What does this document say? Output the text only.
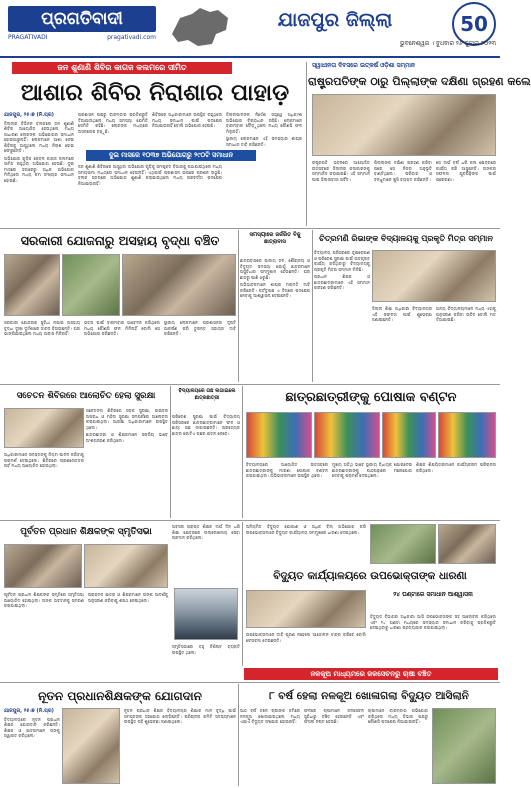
ପ୍ରଗତିବାଦୀ
PRAGATIVADI	pragativadi.com
ଯାଜପୁର ଜିଲ୍ଲା	50
ଭୁବନେଶ୍ୱର । ବୁଧବାର ୨୬ ଜୁଲାଇ ୨୦୨୩
ଜନ ଶୁଣାଣି ଶିବିର କାଗଜ କଲମରେ ସୀମିତ
ଆଶାର ଶିବିର ନିରାଶାର ପାହାଡ଼
ଦୁଇ ମାସରେ ୧୦୩୭ ଅଭିଯୋଗରୁ ୨୯୦ଟି ସମାଧାନ

ଯାଜପୁର, ୨୫।୭ (ନି.ପ୍ର)

ଜିଲ୍ଲାର ବିଭିନ୍ନ ବ୍ଲକରେ ଜନ ଶୁଣାଣି ଶିବିର ଆୟୋଜିତ ହେଉଥିଲେ ମଧ୍ୟ ସାଧାରଣ ଲୋକଙ୍କ ଅଭିଯୋଗର ସମାଧାନ ହୋଇପାରୁନାହିଁ। ଲୋକମାନେ ଆଶା ନେଇ ଶିବିରକୁ ଆସୁଥିଲେ ମଧ୍ୟ ନିରାଶ ହୋଇ ଫେରୁଛନ୍ତି।

ଅଭିଯୋଗ ଗୁଡ଼ିକ କେବଳ କାଗଜ କଲମରେ ସୀମିତ ରହୁଥିବା ଅଭିଯୋଗ ହେଉଛି। ଦୁଇ ମାସରେ ହଜାରେରୁ ଅଧିକ ଅଭିଯୋଗ ମିଳିଥିଲେ ମଧ୍ୟ କମ ସଂଖ୍ୟକ ସମାଧାନ ହୋଇଛି।

ପ୍ରଶାସନ ପକ୍ଷରୁ ବାରମ୍ବାର ପ୍ରତିଶ୍ରୁତି ଦିଆଯାଉଥିଲେ ମଧ୍ୟ ସମସ୍ୟା ଯେମିତି ସେମିତି ରହିଛି। ଲୋକଙ୍କ ମଧ୍ୟରେ ଅସନ୍ତୋଷ ବଢ଼ୁଛି।

ଶିବିରରେ ଅଧିକାରୀମାନେ ଉପସ୍ଥିତ ରହୁଥିଲେ ମଧ୍ୟ ସମାଧାନ ପାଇଁ ପଦକ୍ଷେପ ନିଆଯାଉନାହିଁ ବୋଲି ଅଭିଯୋଗ ହେଉଛି।

ଜିଲ୍ଲାପାଳଙ୍କ ନିର୍ଦ୍ଦେଶ ସତ୍ତ୍ୱେ ଅଧିକାଂଶ ଅଭିଯୋଗ ବିଚାରାଧୀନ ରହିଛି। ଲୋକମାନେ ବାରମ୍ବାର ଦୌଡ଼ୁଥିଲେ ମଧ୍ୟ କୌଣସି ଫଳ ମିଳୁନାହିଁ।

ସ୍ଥାନୀୟ ଲୋକମାନେ ଏହି ସମସ୍ୟାର ଶୀଘ୍ର ସମାଧାନ ଦାବି କରିଛନ୍ତି।

ଜନ ଶୁଣାଣି ଶିବିରରେ ଆସୁଥିବା ଅଭିଯୋଗ ଗୁଡ଼ିକୁ ସମ୍ପୃକ୍ତ ବିଭାଗକୁ ପଠାଯାଉଥିଲେ ମଧ୍ୟ ସମୟସୀମା ମଧ୍ୟରେ ସମାଧାନ ହେଉନାହିଁ। ଏଥିପାଇଁ ପ୍ରଶାସନ ଉପରେ ପ୍ରଶ୍ନ ଉଠୁଛି। ବ୍ଲକ ସ୍ତରରେ ଅଭିଯୋଗ ଶୁଣାଣି କରାଯାଉଥିଲେ ମଧ୍ୟ ପରବର୍ତ୍ତୀ ପଦକ୍ଷେପ ନିଆଯାଉନାହିଁ।

ସ୍ୱାଧୀନତା ଦିବସରେ ଉତ୍କର୍ଷ ଓଡ଼ିଶା ସମ୍ମାନ
ରାଷ୍ଟ୍ରପତିଙ୍କ ଠାରୁ ପିଲ୍ଲାଙ୍କ ଦକ୍ଷିଣା ଗ୍ରହଣ କଲେ

ରାଷ୍ଟ୍ରପତି ଭବନରେ ଆୟୋଜିତ ଉତ୍ସବରେ ଜିଲ୍ଲାର କଳାକାରଙ୍କୁ ସମ୍ମାନିତ କରାଯାଇଛି। ଏହି ସମ୍ମାନ ପାଇ ଜିଲ୍ଲାବାସୀ ଗର୍ବିତ।

ପିଲ୍ଲାଙ୍କ ଦକ୍ଷିଣା ଗ୍ରହଣ କରିବା ପରେ ସେ ନିଜର ଅନୁଭୂତି ବାଣ୍ଟିଥିଲେ। ପରିବାର ଓ ବନ୍ଧୁମାନେ ଖୁସି ବ୍ୟକ୍ତ କରିଛନ୍ତି।

ସେ ଦୀର୍ଘ ବର୍ଷ ଧରି କଳା କ୍ଷେତ୍ରରେ କାର୍ଯ୍ୟ କରି ଆସୁଛନ୍ତି। ତାଙ୍କର ସଫଳତା ଯୁବପିଢ଼ିଙ୍କ ପାଇଁ ପ୍ରେରଣା।

ସରକାରୀ ଯୋଜନାରୁ ଅସହାୟ ବୃଦ୍ଧା ବଞ୍ଚିତ

ସରକାରୀ ଯୋଜନାର ସୁବିଧା ନପାଇ ଅସହାୟ ବୃଦ୍ଧା ଦୁଃଖ ଦୁର୍ଦ୍ଦଶାରେ ଜୀବନ ବିତାଉଛନ୍ତି। ଘର ଭାଙ୍ଗିଯାଇଥିଲେ ମଧ୍ୟ ଆବାସ ମିଳିନାହିଁ।

ଭତ୍ତା ପାଇଁ ବାରମ୍ବାର ଆବେଦନ କରିଥିଲେ ମଧ୍ୟ କୌଣସି ଫଳ ମିଳିନାହିଁ ବୋଲି ସେ ଅଭିଯୋଗ କରିଛନ୍ତି।

ସ୍ଥାନୀୟ ଲୋକମାନେ ପ୍ରଶାସନର ଦୃଷ୍ଟି ଆକର୍ଷଣ କରି ତୁରନ୍ତ ସହାୟତା ଦାବି କରିଛନ୍ତି।

ସମସ୍ୟାରେ ଜର୍ଜରିତ ବିଜୁ ଛାତ୍ରାବାସ

ଛାତ୍ରାବାସରେ ପାନୀୟ ଜଳ, ଶୌଚାଳୟ ଓ ବିଦ୍ୟୁତ ସମସ୍ୟା ଯୋଗୁଁ ଛାତ୍ରମାନେ ଅସୁବିଧାର ସମ୍ମୁଖୀନ ହେଉଛନ୍ତି। ଘର ଛାତରୁ ପାଣି ଝରୁଛି।

ଅଭିଭାବକମାନେ ଶୀଘ୍ର ମରାମତି ଦାବି କରିଛନ୍ତି। କର୍ତ୍ତୃପକ୍ଷ ଏ ଦିଗରେ ପଦକ୍ଷେପ ନେବାକୁ ଆଶ୍ୱାସନା ଦେଇଛନ୍ତି।

ଚିତ୍ରମଣି ରିଭାଙ୍କ ବିଦ୍ୟାଳୟକୁ ପ୍ରକୃତି ମିତ୍ର ସମ୍ମାନ

ବିଦ୍ୟାଳୟ ପରିସରରେ ବୃକ୍ଷରୋପଣ ଓ ପରିବେଶ ସୁରକ୍ଷା ପାଇଁ ଉତ୍କୃଷ୍ଟ କାର୍ଯ୍ୟ କରିଥିବାରୁ ବିଦ୍ୟାଳୟକୁ ପ୍ରକୃତି ମିତ୍ର ସମ୍ମାନ ମିଳିଛି।

ପ୍ରଧାନ ଶିକ୍ଷକ ଓ ଛାତ୍ରଛାତ୍ରୀମାନେ ଏହି ସମ୍ମାନ ଗ୍ରହଣ କରିଛନ୍ତି।

ଜିଲ୍ଲା ଶିକ୍ଷା ଅଧିକାରୀ ବିଦ୍ୟାଳୟର ଏହି ସଫଳତା ପାଇଁ ଶୁଭେଚ୍ଛା ଜଣାଇଛନ୍ତି।

ଅନ୍ୟ ବିଦ୍ୟାଳୟମାନେ ମଧ୍ୟ ଏହାକୁ ଅନୁସରଣ କରିବା ଉଚିତ ବୋଲି ମତ ଦିଆଯାଇଛି।

ସଚେତନ ଶିବିରରେ ଆଲୋଚିତ ହେଲା ସୁରକ୍ଷା

ସଚେତନତା ଶିବିରରେ ସଡ଼କ ସୁରକ୍ଷା, ସାଇବର ଅପରାଧ ଓ ମହିଳା ସୁରକ୍ଷା ସମ୍ପର୍କରେ ଆଲୋଚନା କରାଯାଇଥିଲା। ଆରକ୍ଷୀ ଅଧିକାରୀମାନେ ଉପସ୍ଥିତ ଥିଲେ।

ଛାତ୍ରଛାତ୍ରୀ ଓ ଶିକ୍ଷକମାନେ ସକ୍ରିୟ ଭାବେ ଅଂଶଗ୍ରହଣ କରିଥିଲେ।

ଅଧିକାରୀମାନେ ସମସ୍ତଙ୍କୁ ନିୟମ ପାଳନ କରିବାକୁ ପରାମର୍ଶ ଦେଇଥିଲେ। ଶିବିରରେ ପ୍ରଶ୍ନୋତ୍ତର ପର୍ବ ମଧ୍ୟ ଆୟୋଜିତ ହୋଇଥିଲା।

ବିଦ୍ୟାଳୟରେ ଗଛ ଲଗାଇଲେ ଛାତ୍ରଛାତ୍ରୀ

ପରିବେଶ ସୁରକ୍ଷା ପାଇଁ ବିଦ୍ୟାଳୟ ପରିସରରେ ଛାତ୍ରଛାତ୍ରୀମାନେ ଫଳ ଓ ଛାୟା ଗଛ ଲଗାଇଛନ୍ତି। ପ୍ରତ୍ୟେକ ଛାତ୍ର ଗୋଟିଏ ଗଛର ଯତ୍ନ ନେବେ।

ଛାତ୍ରଛାତ୍ରୀଙ୍କୁ ପୋଷାକ ବଣ୍ଟନ

ବିଦ୍ୟାଳୟରେ ଆୟୋଜିତ ଉତ୍ସବରେ ଛାତ୍ରଛାତ୍ରୀଙ୍କୁ ମାଗଣା ପୋଷାକ ବଣ୍ଟନ କରାଯାଇଥିଲା। ଅଭିଭାବକମାନେ ଉପସ୍ଥିତ ଥିଲେ।

ମୁଖ୍ୟ ଅତିଥି ଭାବେ ସ୍ଥାନୀୟ ବିଧାୟକ ଯୋଗଦେଇ ଛାତ୍ରଛାତ୍ରୀଙ୍କୁ ପାଠପଢ଼ାରେ ମନୋଯୋଗ ଦେବାକୁ ପରାମର୍ଶ ଦେଇଥିଲେ।

ଶିକ୍ଷକ ଶିକ୍ଷୟିତ୍ରୀମାନେ କାର୍ଯ୍ୟକ୍ରମ ପରିଚାଳନା କରିଥିଲେ।

ପୂର୍ବତନ ପ୍ରଧାନ ଶିକ୍ଷକଙ୍କ ସ୍ମୃତିସଭା

ପୂର୍ବତନ ପ୍ରଧାନ ଶିକ୍ଷକଙ୍କ ସ୍ମୃତିରେ ସ୍ମୃତିସଭା ଆୟୋଜିତ ହୋଇଥିଲା। ତାଙ୍କ ଅବଦାନକୁ ସ୍ମରଣ କରାଯାଇଥିଲା।

ପ୍ରାକ୍ତନ ଛାତ୍ର ଓ ଶିକ୍ଷକମାନେ ତାଙ୍କ ଆଦର୍ଶକୁ ଅନୁସରଣ କରିବାକୁ ଶପଥ ନେଇଥିଲେ।

ଅବସର ପ୍ରାପ୍ତ ଶିକ୍ଷକ ଦୀର୍ଘ ଦିନ ଧରି ଶିକ୍ଷା କ୍ଷେତ୍ରରେ ଉଲ୍ଲେଖନୀୟ ସେବା ପ୍ରଦାନ କରିଥିଲେ।

ସ୍ମୃତିସଭାରେ ବହୁ ବିଶିଷ୍ଟ ବ୍ୟକ୍ତି ଉପସ୍ଥିତ ଥିଲେ।

ଅନିୟମିତ ବିଦ୍ୟୁତ ଯୋଗାଣ ଓ ଅଧିକ ବିଲ୍ ଅଭିଯୋଗ କରି ଉପଭୋକ୍ତାମାନେ ବିଦ୍ୟୁତ କାର୍ଯ୍ୟାଳୟ ସମ୍ମୁଖରେ ଧାରଣା ଦେଇଥିଲେ।

ବିଦ୍ୟୁତ କାର୍ଯ୍ୟାଳୟରେ ଉପଭୋକ୍ତାଙ୍କ ଧାରଣା

ଉପଭୋକ୍ତାମାନେ ଦାବି ପୂରଣ ନହେଲେ ଆନ୍ଦୋଳନ ତୀବ୍ର କରିବେ ବୋଲି ଚେତାବନୀ ଦେଇଛନ୍ତି।

୨୪ ଘଣ୍ଟାରେ ସମାଧାନ ଆଶ୍ୱାସନା

ବିଦ୍ୟୁତ ବିଭାଗର ଅଧିକାରୀ ଆସି ଉପଭୋକ୍ତାଙ୍କ ସହ ଆଲୋଚନା କରିଥିଲେ ଏବଂ ୨୪ ଘଣ୍ଟା ମଧ୍ୟରେ ସମସ୍ୟାର ସମାଧାନ କରିବାକୁ ପ୍ରତିଶ୍ରୁତି ଦେଇଥିବାରୁ ଧାରଣା ପ୍ରତ୍ୟାହାର କରାଯାଇଥିଲା।

ନଳକୂଅ ମାଧ୍ୟମରେ ଜଳସେଚନରୁ ଚାଷୀ ବଞ୍ଚିତ
ନୂତନ ପ୍ରଧାନଶିକ୍ଷକଙ୍କ ଯୋଗଦାନ

ଯାଜପୁର, ୨୫।୭ (ନି.ପ୍ର)

ବିଦ୍ୟାଳୟରେ ନୂତନ ପ୍ରଧାନ ଶିକ୍ଷକ ଯୋଗଦାନ କରିଛନ୍ତି। ଶିକ୍ଷକ ଓ ଛାତ୍ରମାନେ ତାଙ୍କୁ ସ୍ୱାଗତ କରିଥିଲେ।

ନୂତନ ପ୍ରଧାନ ଶିକ୍ଷକ ବିଦ୍ୟାଳୟର ଶିକ୍ଷାର ମାନ ବୃଦ୍ଧି ପାଇଁ ସମସ୍ତଙ୍କ ସହଯୋଗ ଲୋଡ଼ିଛନ୍ତି। ପରିଚାଳନା କମିଟି ସଦସ୍ୟମାନେ ଉପସ୍ଥିତ ରହି ଶୁଭେଚ୍ଛା ଜଣାଇଥିଲେ।

୮ ବର୍ଷ ହେଲା ନଳକୂଅ ଖୋଳାଗଲା ବିଦ୍ୟୁତ ଆସିଲାନି

ଆଠ ବର୍ଷ ତଳେ ଚାଷୀଙ୍କ ଜମିରେ ନଳକୂଅ ଖୋଳାଯାଇଥିଲେ ମଧ୍ୟ ଏଯାଏଁ ବିଦ୍ୟୁତ ସଂଯୋଗ ହୋଇନାହିଁ।

ଫଳରେ ଚାଷୀମାନେ ଜଳସେଚନ ସୁବିଧାରୁ ବଞ୍ଚିତ ହେଉଛନ୍ତି ଏବଂ ଫସଲ ନଷ୍ଟ ହେଉଛି।

ଚାଷୀମାନେ ବାରମ୍ବାର ଅଭିଯୋଗ କରିଥିଲେ ମଧ୍ୟ ବିଭାଗ ପକ୍ଷରୁ କୌଣସି ପଦକ୍ଷେପ ନିଆଯାଇନାହିଁ।
